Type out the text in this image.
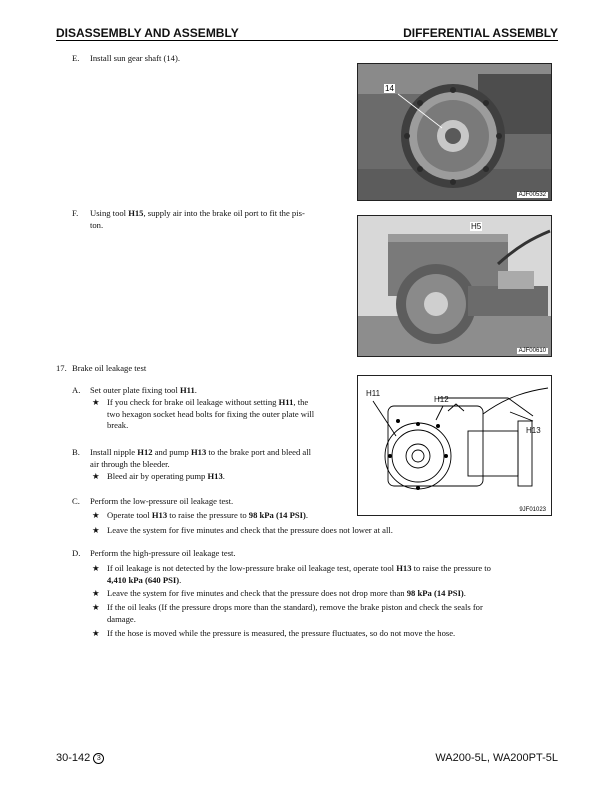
DISASSEMBLY AND ASSEMBLY	DIFFERENTIAL ASSEMBLY
E. Install sun gear shaft (14).
14
AJF00532
F. Using tool H15, supply air into the brake oil port to fit the pis-
ton.	H5
AJF00610
17. Brake oil leakage test
A. Set outer plate fixing tool H11.
★ If you check for brake oil leakage without setting H11, the
two hexagon socket head bolts for fixing the outer plate will
break.
B. Install nipple H12 and pump H13 to the brake port and bleed all
air through the bleeder.
★ Bleed air by operating pump H13.
H11
H12
H13
9JF01023
C. Perform the low-pressure oil leakage test.
★ Operate tool H13 to raise the pressure to 98 kPa (14 PSI).
★ Leave the system for five minutes and check that the pressure does not lower at all.
D. Perform the high-pressure oil leakage test.
★ If oil leakage is not detected by the low-pressure brake oil leakage test, operate tool H13 to raise the pressure to
4,410 kPa (640 PSI).
★ Leave the system for five minutes and check that the pressure does not drop more than 98 kPa (14 PSI).
★ If the oil leaks (If the pressure drops more than the standard), remove the brake piston and check the seals for
damage.
★ If the hose is moved while the pressure is measured, the pressure fluctuates, so do not move the hose.
30-142 3	WA200-5L, WA200PT-5L
